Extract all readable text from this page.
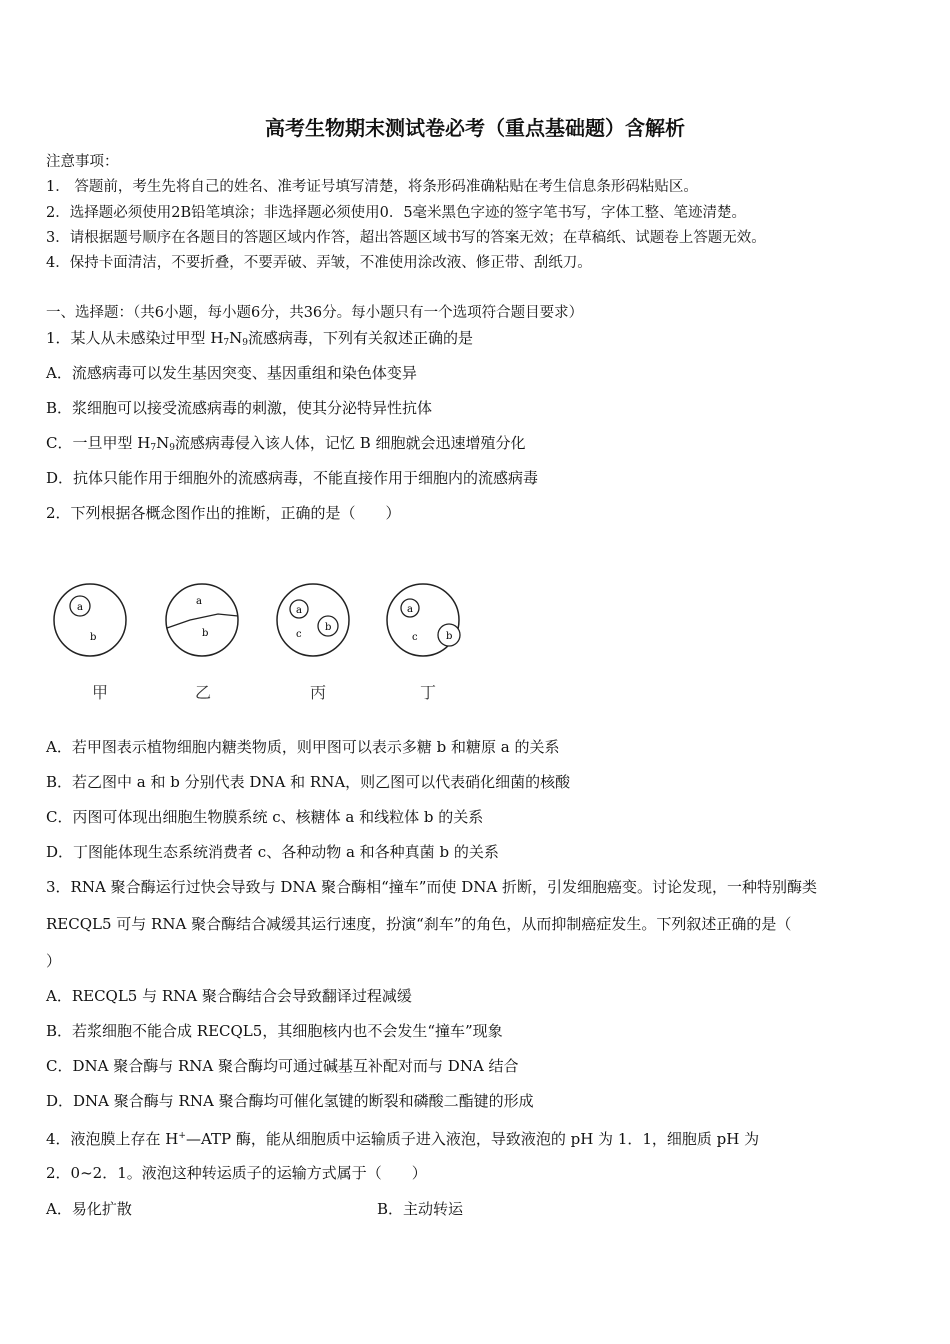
高考生物期末测试卷必考（重点基础题）含解析
注意事项：
1． 答题前，考生先将自己的姓名、准考证号填写清楚，将条形码准确粘贴在考生信息条形码粘贴区。
2．选择题必须使用2B铅笔填涂；非选择题必须使用0．5毫米黑色字迹的签字笔书写，字体工整、笔迹清楚。
3．请根据题号顺序在各题目的答题区域内作答，超出答题区域书写的答案无效；在草稿纸、试题卷上答题无效。
4．保持卡面清洁，不要折叠，不要弄破、弄皱，不准使用涂改液、修正带、刮纸刀。
一、选择题：（共6小题，每小题6分，共36分。每小题只有一个选项符合题目要求）
1．某人从未感染过甲型 $H_7N_9$流感病毒，下列有关叙述正确的是
A．流感病毒可以发生基因突变、基因重组和染色体变异
B．浆细胞可以接受流感病毒的刺激，使其分泌特异性抗体
C．一旦甲型 $H_7N_9$流感病毒侵入该人体，记忆 B 细胞就会迅速增殖分化
D．抗体只能作用于细胞外的流感病毒，不能直接作用于细胞内的流感病毒
2．下列根据各概念图作出的推断，正确的是（　　）
a
b
a
b
a
b
c
a
b
c
甲	乙	丙	丁
A．若甲图表示植物细胞内糖类物质，则甲图可以表示多糖 b 和糖原 a 的关系
B．若乙图中 a 和 b 分别代表 DNA 和 RNA，则乙图可以代表硝化细菌的核酸
C．丙图可体现出细胞生物膜系统 c、核糖体 a 和线粒体 b 的关系
D．丁图能体现生态系统消费者 c、各种动物 a 和各种真菌 b 的关系
3．RNA 聚合酶运行过快会导致与 DNA 聚合酶相“撞车”而使 DNA 折断，引发细胞癌变。讨论发现，一种特别酶类
RECQL5 可与 RNA 聚合酶结合减缓其运行速度，扮演“刹车”的角色，从而抑制癌症发生。下列叙述正确的是（
）
A．RECQL5 与 RNA 聚合酶结合会导致翻译过程减缓
B．若浆细胞不能合成 RECQL5，其细胞核内也不会发生“撞车”现象
C．DNA 聚合酶与 RNA 聚合酶均可通过碱基互补配对而与 DNA 结合
D．DNA 聚合酶与 RNA 聚合酶均可催化氢键的断裂和磷酸二酯键的形成
4．液泡膜上存在 H+—ATP 酶，能从细胞质中运输质子进入液泡，导致液泡的 pH 为 1．1，细胞质 pH 为
2．0~2．1。液泡这种转运质子的运输方式属于（　　）
A．易化扩散	B．主动转运
